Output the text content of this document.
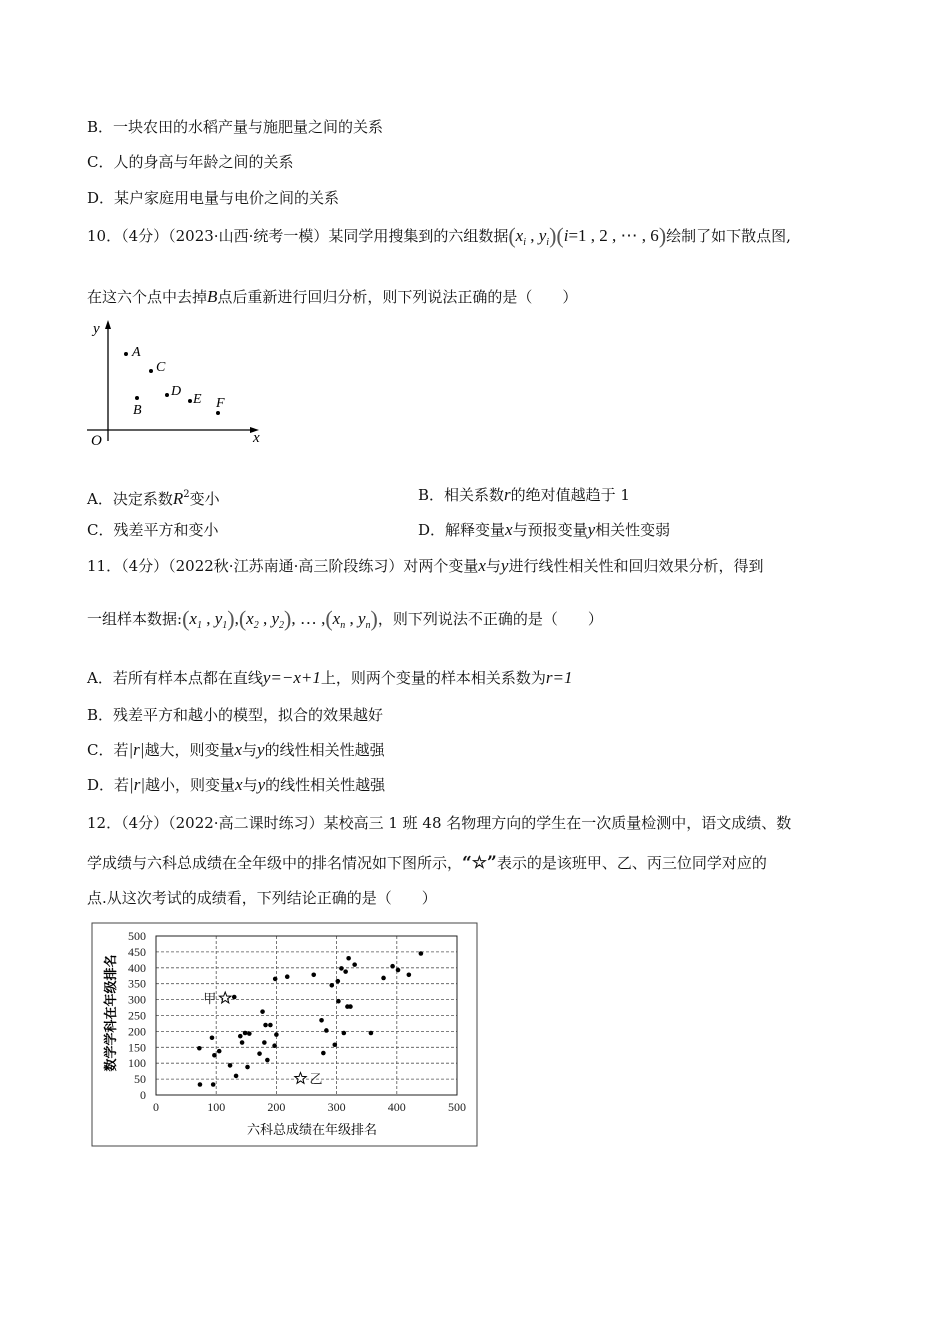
B．一块农田的水稻产量与施肥量之间的关系
C．人的身高与年龄之间的关系
D．某户家庭用电量与电价之间的关系
10．（4分）（2023·山西·统考一模）某同学用搜集到的六组数据($x_i$ , $y_i)(i=1$ , 2 , ⋯ , 6)绘制了如下散点图,
在这六个点中去掉B点后重新进行回归分析，则下列说法正确的是（　　）
y
x
O
A
B
C
D
E F
A．决定系数$R^2$变小	B．相关系数r的绝对值越趋于 1
C．残差平方和变小	D．解释变量x与预报变量y相关性变弱
11．（4分）（2022秋·江苏南通·高三阶段练习）对两个变量x与y进行线性相关性和回归效果分析，得到
一组样本数据$:(x_1$ , $y_1),(x_2$ , $y_2$), … $,(x_n$ , $y_n$)，则下列说法不正确的是（　　）
A．若所有样本点都在直线y=−x+1上，则两个变量的样本相关系数为r=1
B．残差平方和越小的模型，拟合的效果越好
C．若|r|越大，则变量x与y的线性相关性越强
D．若|r|越小，则变量x与y的线性相关性越强
12．（4分）（2022·高二课时练习）某校高三 1 班 48 名物理方向的学生在一次质量检测中，语文成绩、数
学成绩与六科总成绩在全年级中的排名情况如下图所示，“☆”表示的是该班甲、乙、丙三位同学对应的
点.从这次考试的成绩看，下列结论正确的是（　　）
0
50
100
150
200
250
300
350
400
450
500
0	100	200	300	400	500
甲
乙
六科总成绩在年级排名
数学学科在年级排名
